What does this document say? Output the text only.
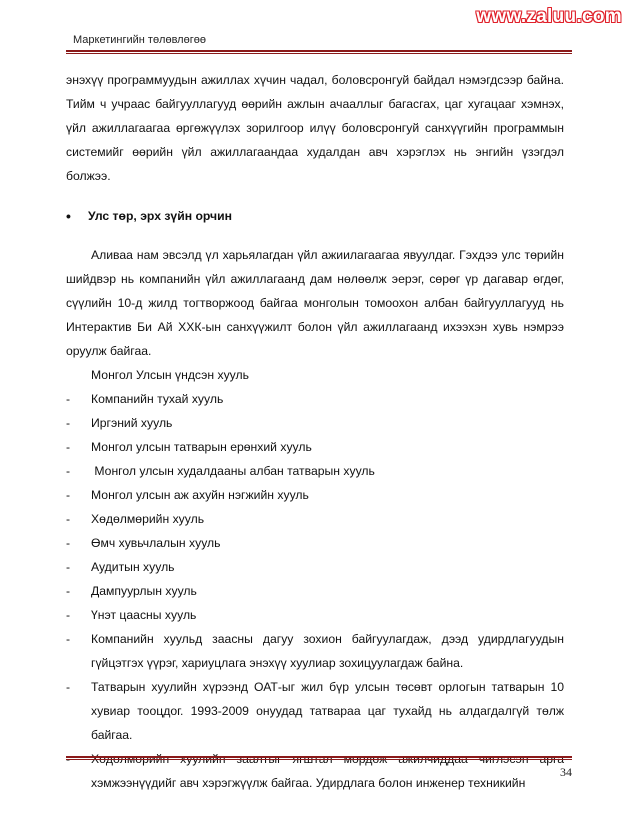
www.zaluu.com
Маркетингийн төлөвлөгөө

энэхүү программуудын ажиллах хүчин чадал, боловсронгуй байдал нэмэгдсээр байна. Тийм ч учраас байгууллагууд өөрийн ажлын ачааллыг багасгах, цаг хугацааг хэмнэх, үйл ажиллагаагаа өргөжүүлэх зорилгоор илүү боловсронгуй санхүүгийн программын системийг өөрийн үйл ажиллагаандаа худалдан авч хэрэглэх нь энгийн үзэгдэл болжээ.

•	Улс төр, эрх зүйн орчин

Аливаа нам эвсэлд үл харьялагдан үйл ажиилагаагаа явуулдаг. Гэхдээ улс төрийн шийдвэр нь компанийн үйл ажиллагаанд дам нөлөөлж эерэг, сөрөг үр дагавар өгдөг, сүүлийн 10-д жилд тогтворжоод байгаа монголын томоохон албан байгууллагууд нь Интерактив Би Ай ХХК-ын санхүүжилт болон үйл ажиллагаанд ихээхэн хувь нэмрээ оруулж байгаа.

Монгол Улсын үндсэн хууль
-	Компанийн тухай хууль
-	Иргэний хууль
-	Монгол улсын татварын ерөнхий хууль
-	Монгол улсын худалдааны албан татварын хууль
-	Монгол улсын аж ахуйн нэгжийн хууль
-	Хөдөлмөрийн хууль
-	Өмч хувьчлалын хууль
-	Аудитын хууль
-	Дампуурлын хууль
-	Үнэт цаасны хууль
-	Компанийн хуульд заасны дагуу зохион байгуулагдаж, дээд удирдлагуудын гүйцэтгэх үүрэг, хариуцлага энэхүү хуулиар зохицуулагдаж байна.
-	Татварын хуулийн хүрээнд ОАТ-ыг жил бүр улсын төсөвт орлогын татварын 10 хувиар тооцдог. 1993-2009 онуудад татвараа цаг тухайд нь алдагдалгүй төлж байгаа.
хэмжээнүүдийг авч хэрэгжүүлж байгаа. Удирдлага болон инженер техникийн
34
